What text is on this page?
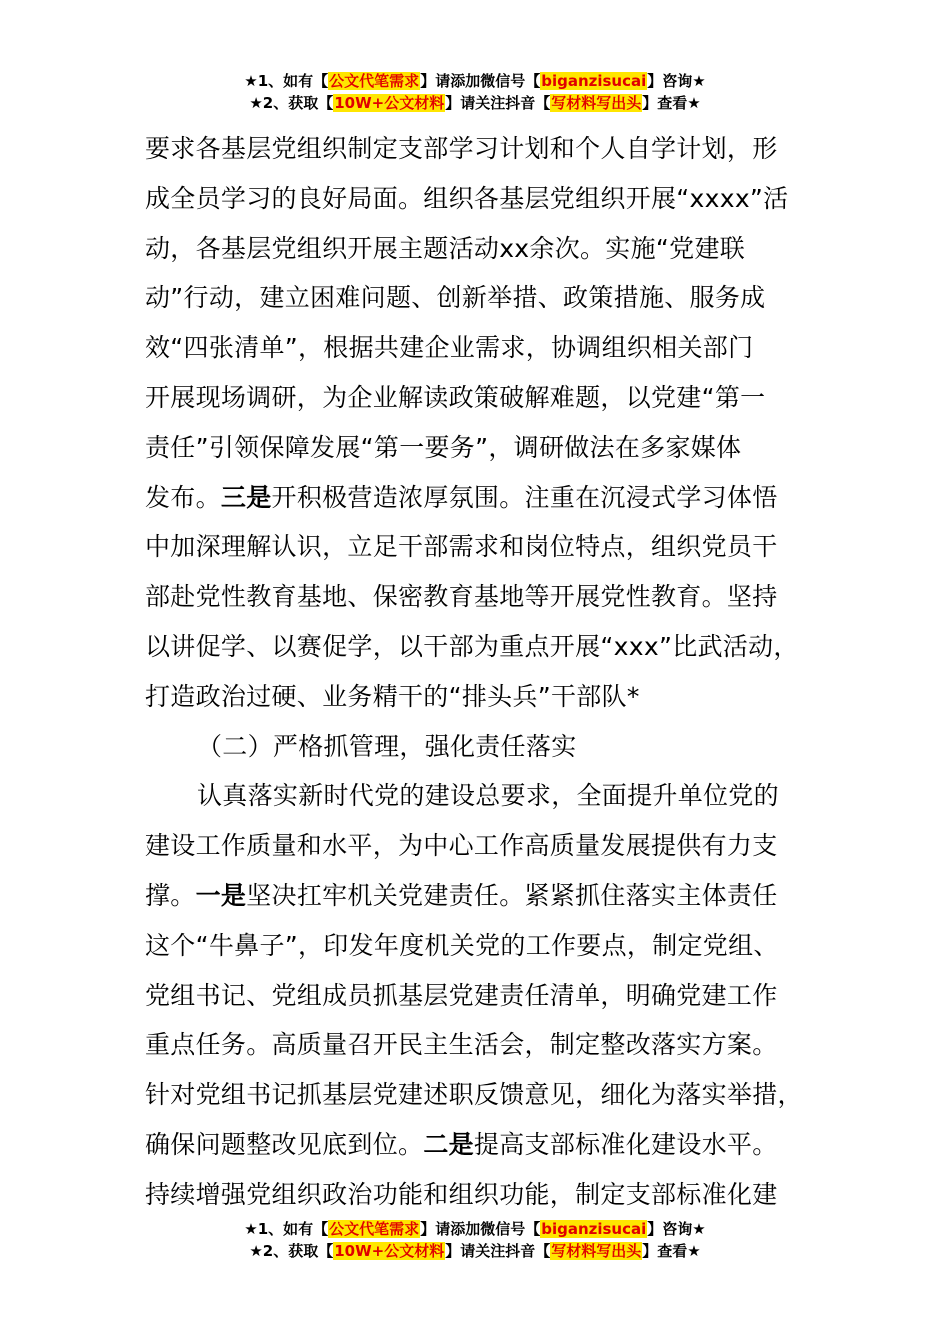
★1、如有【公文代笔需求】请添加微信号【biganzisucai】咨询★
★2、获取【10W+公文材料】请关注抖音【写材料写出头】查看★
要求各基层党组织制定支部学习计划和个人自学计划，形
成全员学习的良好局面。组织各基层党组织开展“xxxx”活
动，各基层党组织开展主题活动xx余次。实施“党建联
动”行动，建立困难问题、创新举措、政策措施、服务成
效“四张清单”，根据共建企业需求，协调组织相关部门
开展现场调研，为企业解读政策破解难题，以党建“第一
责任”引领保障发展“第一要务”，调研做法在多家媒体
发布。三是开积极营造浓厚氛围。注重在沉浸式学习体悟
中加深理解认识，立足干部需求和岗位特点，组织党员干
部赴党性教育基地、保密教育基地等开展党性教育。坚持
以讲促学、以赛促学，以干部为重点开展“xxx”比武活动，
打造政治过硬、业务精干的“排头兵”干部队*
（二）严格抓管理，强化责任落实
认真落实新时代党的建设总要求，全面提升单位党的
建设工作质量和水平，为中心工作高质量发展提供有力支
撑。一是坚决扛牢机关党建责任。紧紧抓住落实主体责任
这个“牛鼻子”，印发年度机关党的工作要点，制定党组、
党组书记、党组成员抓基层党建责任清单，明确党建工作
重点任务。高质量召开民主生活会，制定整改落实方案。
针对党组书记抓基层党建述职反馈意见，细化为落实举措，
确保问题整改见底到位。二是提高支部标准化建设水平。
持续增强党组织政治功能和组织功能，制定支部标准化建
★1、如有【公文代笔需求】请添加微信号【biganzisucai】咨询★
★2、获取【10W+公文材料】请关注抖音【写材料写出头】查看★
